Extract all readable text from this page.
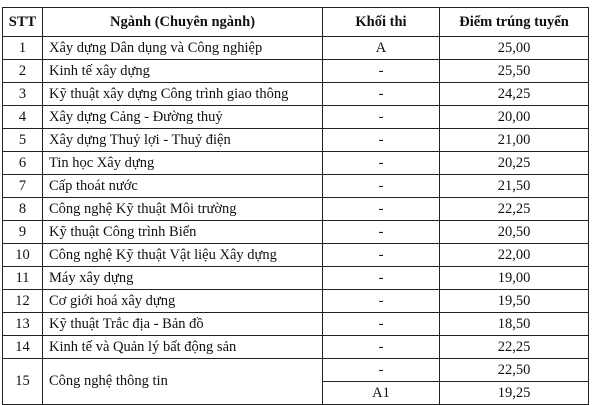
STT	Ngành (Chuyên ngành)	Khối thi	Điểm trúng tuyển
1	Xây dựng Dân dụng và Công nghiệp	A	25,00
2	Kinh tế xây dựng	-	25,50
3	Kỹ thuật xây dựng Công trình giao thông	-	24,25
4	Xây dựng Cảng - Đường thuỷ	-	20,00
5	Xây dựng Thuỷ lợi - Thuỷ điện	-	21,00
6	Tin học Xây dựng	-	20,25
7	Cấp thoát nước	-	21,50
8	Công nghệ Kỹ thuật Môi trường	-	22,25
9	Kỹ thuật Công trình Biển	-	20,50
10	Công nghệ Kỹ thuật Vật liệu Xây dựng	-	22,00
11	Máy xây dựng	-	19,00
12	Cơ giới hoá xây dựng	-	19,50
13	Kỹ thuật Trắc địa - Bản đồ	-	18,50
14	Kinh tế và Quản lý bất động sản	-	22,25
15	Công nghệ thông tin	-	22,50
		A1	19,25
